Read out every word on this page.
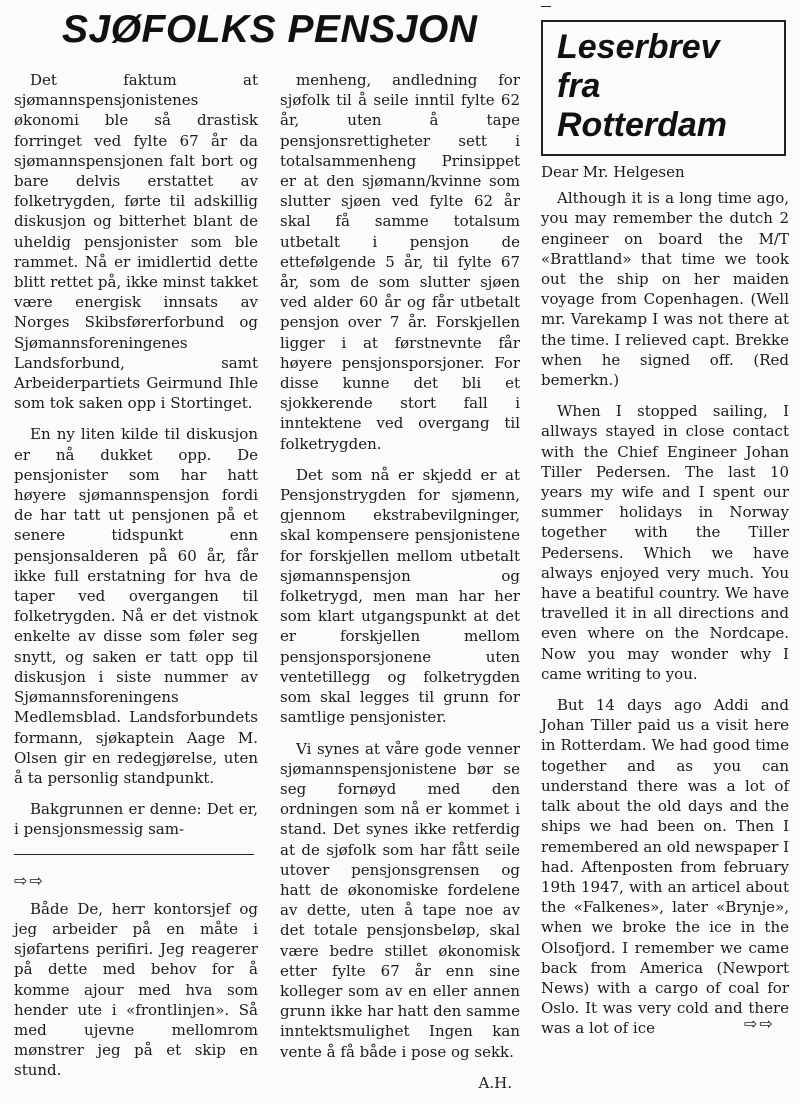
SJØFOLKS PENSJON

Det faktum at sjømannspensjonistenes økonomi ble så drastisk forringet ved fylte 67 år da sjømannspensjonen falt bort og bare delvis erstattet av folketrygden, førte til adskillig diskusjon og bitterhet blant de uheldig pensjonister som ble rammet. Nå er imidlertid dette blitt rettet på, ikke minst takket være energisk innsats av Norges Skibsførerforbund og Sjømannsforeningenes Landsforbund, samt Arbeiderpartiets Geirmund Ihle som tok saken opp i Stortinget.

En ny liten kilde til diskusjon er nå dukket opp. De pensjonister som har hatt høyere sjømannspensjon fordi de har tatt ut pensjonen på et senere tidspunkt enn pensjonsalderen på 60 år, får ikke full erstatning for hva de taper ved overgangen til folketrygden. Nå er det vistnok enkelte av disse som føler seg snytt, og saken er tatt opp til diskusjon i siste nummer av Sjømannsforeningens Medlemsblad. Landsforbundets formann, sjøkaptein Aage M. Olsen gir en redegjørelse, uten å ta personlig standpunkt.

Bakgrunnen er denne: Det er, i pensjonsmessig sam-

⇨⇨

Både De, herr kontorsjef og jeg arbeider på en måte i sjøfartens perifiri. Jeg reagerer på dette med behov for å komme ajour med hva som hender ute i «frontlinjen». Så med ujevne mellomrom mønstrer jeg på et skip en stund.

menheng, andledning for sjøfolk til å seile inntil fylte 62 år, uten å tape pensjonsrettigheter sett i totalsammenheng Prinsippet er at den sjømann/kvinne som slutter sjøen ved fylte 62 år skal få samme totalsum utbetalt i pensjon de ettefølgende 5 år, til fylte 67 år, som de som slutter sjøen ved alder 60 år og får utbetalt pensjon over 7 år. Forskjellen ligger i at førstnevnte får høyere pensjonsporsjoner. For disse kunne det bli et sjokkerende stort fall i inntektene ved overgang til folketrygden.

Det som nå er skjedd er at Pensjonstrygden for sjømenn, gjennom ekstrabevilgninger, skal kompensere pensjonistene for forskjellen mellom utbetalt sjømannspensjon og folketrygd, men man har her som klart utgangspunkt at det er forskjellen mellom pensjonsporsjonene uten ventetillegg og folketrygden som skal legges til grunn for samtlige pensjonister.

Vi synes at våre gode venner sjømannspensjonistene bør se seg fornøyd med den ordningen som nå er kommet i stand. Det synes ikke retferdig at de sjøfolk som har fått seile utover pensjonsgrensen og hatt de økonomiske fordelene av dette, uten å tape noe av det totale pensjonsbeløp, skal være bedre stillet økonomisk etter fylte 67 år enn sine kolleger som av en eller annen grunn ikke har hatt den samme inntektsmulighet Ingen kan vente å få både i pose og sekk.

A.H.

Leserbrev
fra
Rotterdam

Dear Mr. Helgesen

Although it is a long time ago, you may remember the dutch 2 engineer on board the M/T «Brattland» that time we took out the ship on her maiden voyage from Copenhagen. (Well mr. Varekamp I was not there at the time. I relieved capt. Brekke when he signed off. (Red bemerkn.)

When I stopped sailing, I allways stayed in close contact with the Chief Engineer Johan Tiller Pedersen. The last 10 years my wife and I spent our summer holidays in Norway together with the Tiller Pedersens. Which we have always enjoyed very much. You have a beatiful country. We have travelled it in all directions and even where on the Nordcape. Now you may wonder why I came writing to you.

But 14 days ago Addi and Johan Tiller paid us a visit here in Rotterdam. We had good time together and as you can understand there was a lot of talk about the old days and the ships we had been on. Then I remembered an old newspaper I had. Aftenposten from february 19th 1947, with an articel about the «Falkenes», later «Brynje», when we broke the ice in the Olsofjord. I remember we came back from America (Newport News) with a cargo of coal for Oslo. It was very cold and there was a lot of ice	⇨⇨
